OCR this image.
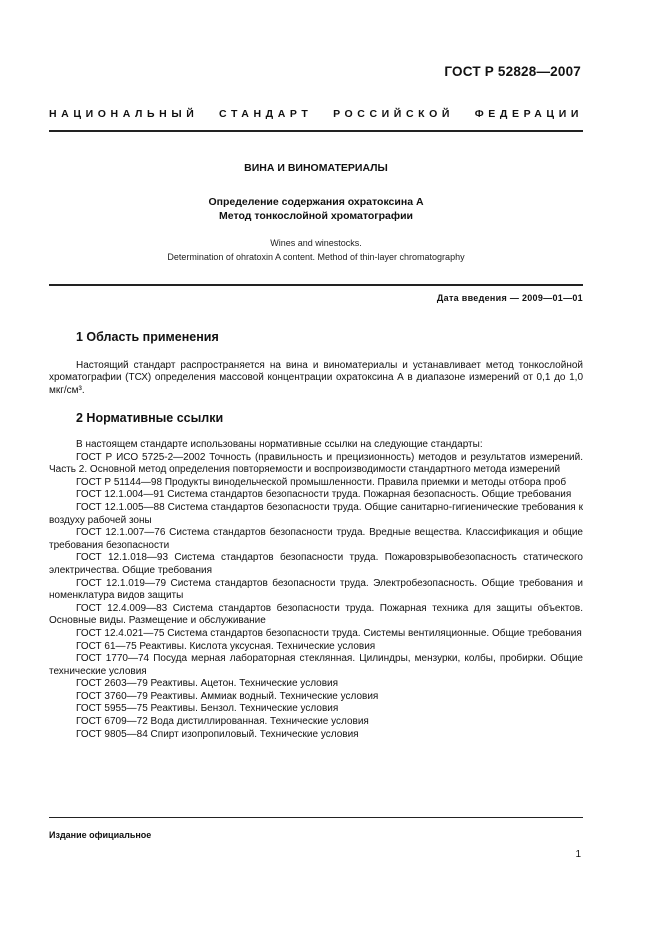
ГОСТ Р 52828—2007
НАЦИОНАЛЬНЫЙ СТАНДАРТ РОССИЙСКОЙ ФЕДЕРАЦИИ
ВИНА И ВИНОМАТЕРИАЛЫ
Определение содержания охратоксина А
Метод тонкослойной хроматографии
Wines and winestocks.
Determination of ohratoxin A content. Method of thin-layer chromatography
Дата введения — 2009—01—01
1 Область применения
Настоящий стандарт распространяется на вина и виноматериалы и устанавливает метод тонкослойной хроматографии (ТСХ) определения массовой концентрации охратоксина А в диапазоне измерений от 0,1 до 1,0 мкг/см³.
2 Нормативные ссылки

В настоящем стандарте использованы нормативные ссылки на следующие стандарты:

ГОСТ Р ИСО 5725-2—2002 Точность (правильность и прецизионность) методов и результатов измерений. Часть 2. Основной метод определения повторяемости и воспроизводимости стандартного метода измерений

ГОСТ Р 51144—98 Продукты винодельческой промышленности. Правила приемки и методы отбора проб

ГОСТ 12.1.004—91 Система стандартов безопасности труда. Пожарная безопасность. Общие требования

ГОСТ 12.1.005—88 Система стандартов безопасности труда. Общие санитарно-гигиенические требования к воздуху рабочей зоны

ГОСТ 12.1.007—76 Система стандартов безопасности труда. Вредные вещества. Классификация и общие требования безопасности

ГОСТ 12.1.018—93 Система стандартов безопасности труда. Пожаровзрывобезопасность статического электричества. Общие требования

ГОСТ 12.1.019—79 Система стандартов безопасности труда. Электробезопасность. Общие требования и номенклатура видов защиты

ГОСТ 12.4.009—83 Система стандартов безопасности труда. Пожарная техника для защиты объектов. Основные виды. Размещение и обслуживание

ГОСТ 12.4.021—75 Система стандартов безопасности труда. Системы вентиляционные. Общие требования

ГОСТ 61—75 Реактивы. Кислота уксусная. Технические условия

ГОСТ 1770—74 Посуда мерная лабораторная стеклянная. Цилиндры, мензурки, колбы, пробирки. Общие технические условия

ГОСТ 2603—79 Реактивы. Ацетон. Технические условия

ГОСТ 3760—79 Реактивы. Аммиак водный. Технические условия

ГОСТ 5955—75 Реактивы. Бензол. Технические условия

ГОСТ 6709—72 Вода дистиллированная. Технические условия

ГОСТ 9805—84 Спирт изопропиловый. Технические условия

Издание официальное
1
